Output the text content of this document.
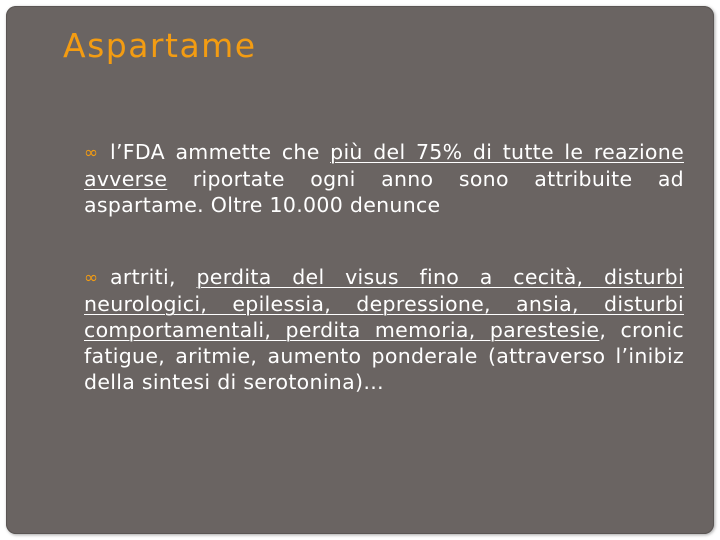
Aspartame

∞ l’FDA ammette che più del 75% di tutte le reazione avverse riportate ogni anno sono attribuite ad aspartame. Oltre 10.000 denunce

∞ artriti, perdita del visus fino a cecità, disturbi neurologici, epilessia, depressione, ansia, disturbi comportamentali, perdita memoria, parestesie, cronic fatigue, aritmie, aumento ponderale (attraverso l’inibiz della sintesi di serotonina)…
